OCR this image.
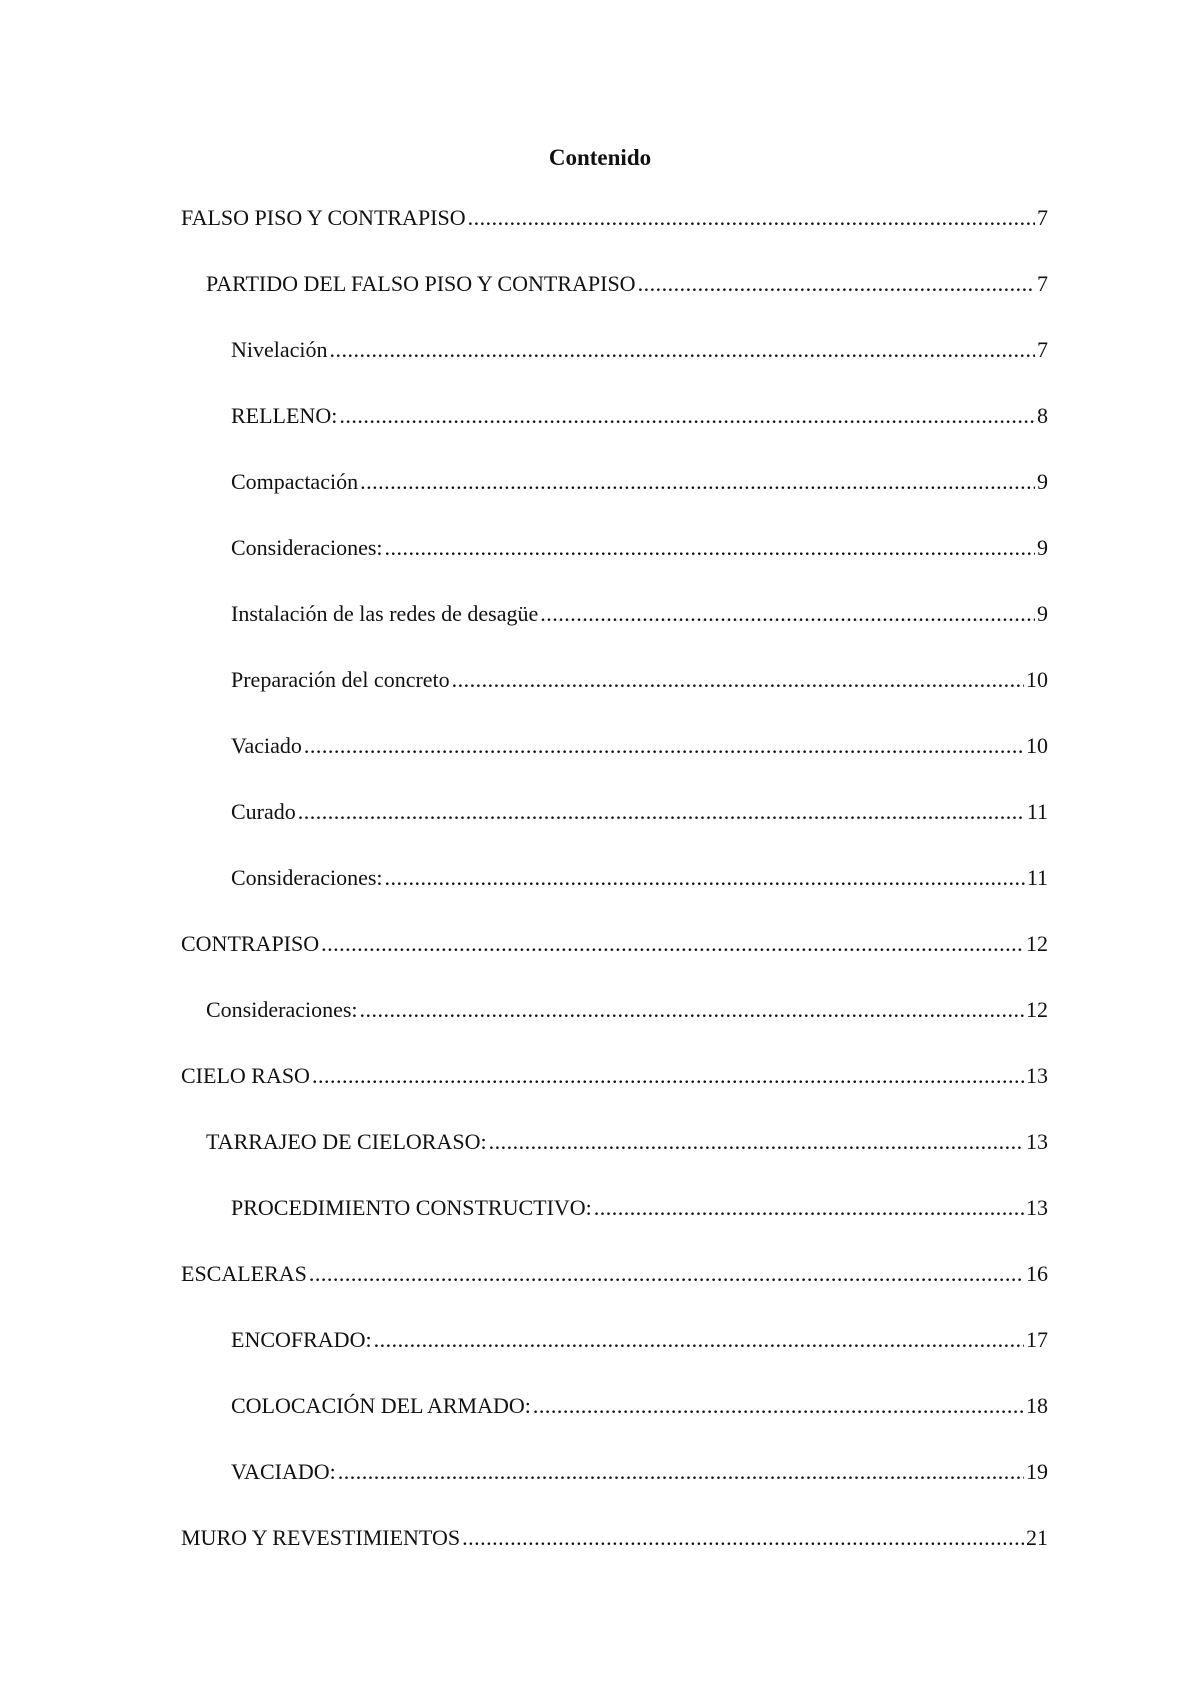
Contenido
FALSO PISO Y CONTRAPISO .....	7
PARTIDO DEL FALSO PISO Y CONTRAPISO .....	7
Nivelación .....	7
RELLENO: .....	8
Compactación .....	9
Consideraciones: .....	9
Instalación de las redes de desagüe .....	9
Preparación del concreto .....	10
Vaciado .....	10
Curado .....	11
Consideraciones: .....	11
CONTRAPISO .....	12
Consideraciones: .....	12
CIELO RASO .....	13
TARRAJEO DE CIELORASO: .....	13
PROCEDIMIENTO CONSTRUCTIVO: .....	13
ESCALERAS .....	16
ENCOFRADO: .....	17
COLOCACIÓN DEL ARMADO: .....	18
VACIADO: .....	19
MURO Y REVESTIMIENTOS .....	21
